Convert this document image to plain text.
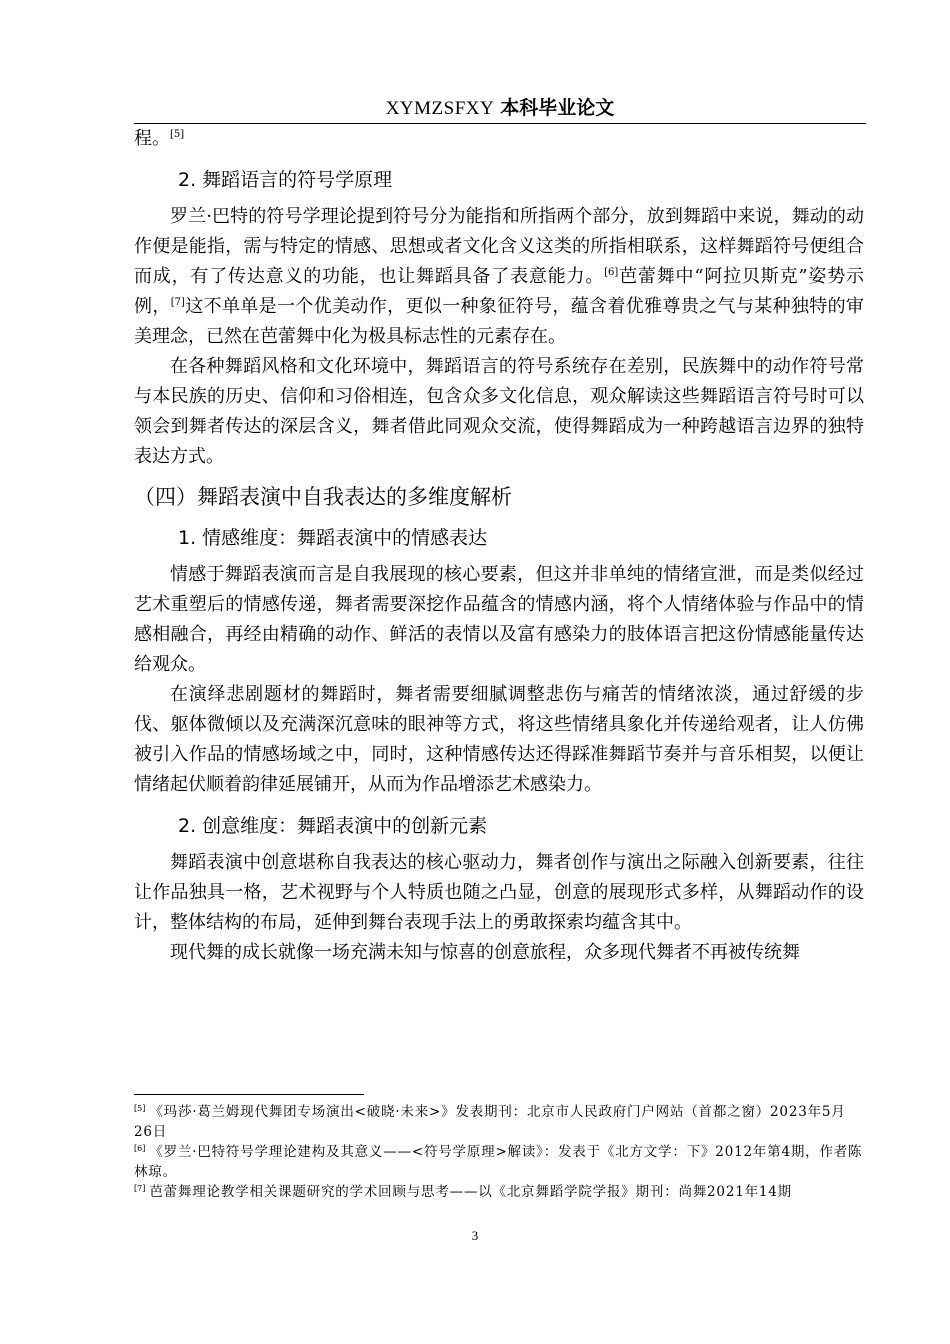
XYMZSFXY 本科毕业论文

程。[5]

2. 舞蹈语言的符号学原理

罗兰·巴特的符号学理论提到符号分为能指和所指两个部分，放到舞蹈中来说，舞动的动作便是能指，需与特定的情感、思想或者文化含义这类的所指相联系，这样舞蹈符号便组合而成，有了传达意义的功能，也让舞蹈具备了表意能力。[6]芭蕾舞中“阿拉贝斯克”姿势示例，[7]这不单单是一个优美动作，更似一种象征符号，蕴含着优雅尊贵之气与某种独特的审美理念，已然在芭蕾舞中化为极具标志性的元素存在。

在各种舞蹈风格和文化环境中，舞蹈语言的符号系统存在差别，民族舞中的动作符号常与本民族的历史、信仰和习俗相连，包含众多文化信息，观众解读这些舞蹈语言符号时可以领会到舞者传达的深层含义，舞者借此同观众交流，使得舞蹈成为一种跨越语言边界的独特表达方式。

（四）舞蹈表演中自我表达的多维度解析
1. 情感维度：舞蹈表演中的情感表达

情感于舞蹈表演而言是自我展现的核心要素，但这并非单纯的情绪宣泄，而是类似经过艺术重塑后的情感传递，舞者需要深挖作品蕴含的情感内涵，将个人情绪体验与作品中的情感相融合，再经由精确的动作、鲜活的表情以及富有感染力的肢体语言把这份情感能量传达给观众。

在演绎悲剧题材的舞蹈时，舞者需要细腻调整悲伤与痛苦的情绪浓淡，通过舒缓的步伐、躯体微倾以及充满深沉意味的眼神等方式，将这些情绪具象化并传递给观者，让人仿佛被引入作品的情感场域之中，同时，这种情感传达还得踩准舞蹈节奏并与音乐相契，以便让情绪起伏顺着韵律延展铺开，从而为作品增添艺术感染力。

2. 创意维度：舞蹈表演中的创新元素

舞蹈表演中创意堪称自我表达的核心驱动力，舞者创作与演出之际融入创新要素，往往让作品独具一格，艺术视野与个人特质也随之凸显，创意的展现形式多样，从舞蹈动作的设计，整体结构的布局，延伸到舞台表现手法上的勇敢探索均蕴含其中。

现代舞的成长就像一场充满未知与惊喜的创意旅程，众多现代舞者不再被传统舞

[5] 《玛莎·葛兰姆现代舞团专场演出<破晓·未来>》发表期刊：北京市人民政府门户网站（首都之窗）2023年5月26日

[6] 《罗兰·巴特符号学理论建构及其意义——<符号学原理>解读》：发表于《北方文学：下》2012年第4期，作者陈林琼。

[7] 芭蕾舞理论教学相关课题研究的学术回顾与思考——以《北京舞蹈学院学报》期刊：尚舞2021年14期

3
